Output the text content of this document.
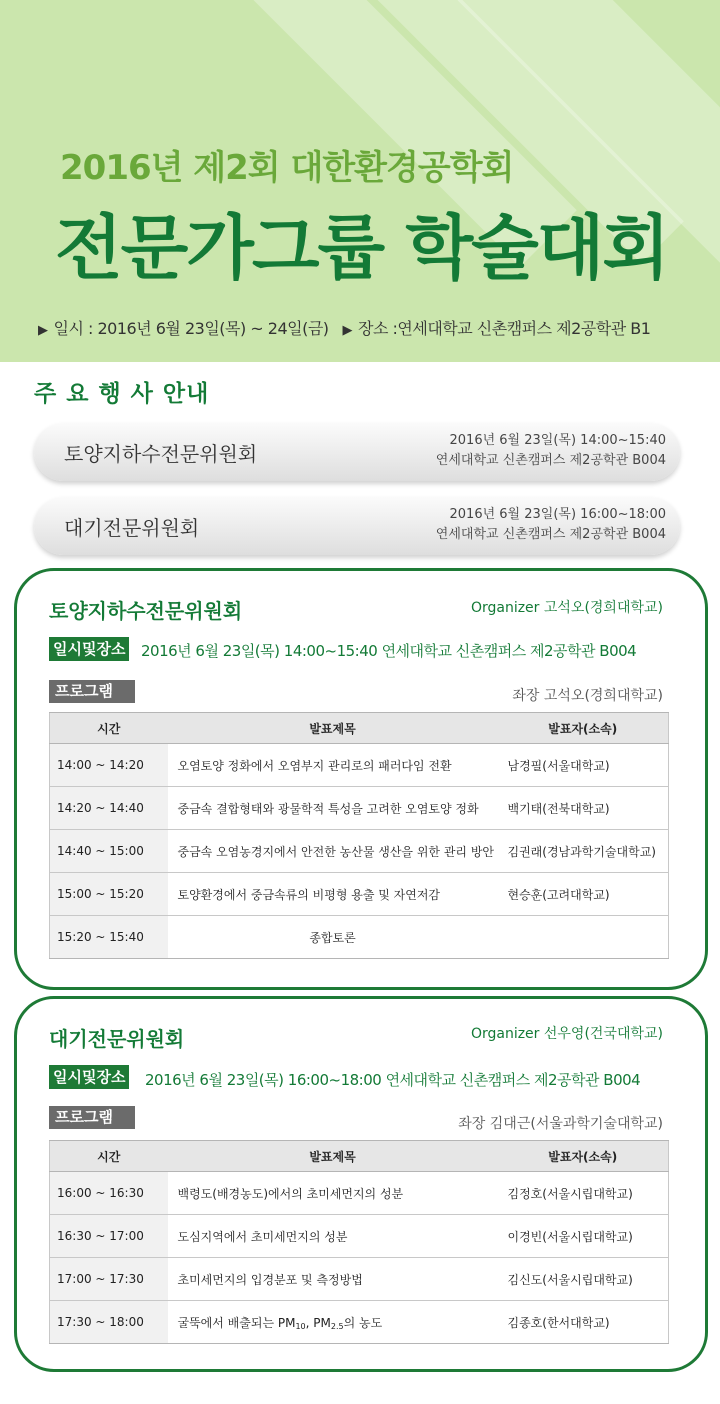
2016년 제2회 대한환경공학회
전문가그룹 학술대회
▶ 일시 : 2016년 6월 23일(목) ~ 24일(금) ▶ 장소 :연세대학교 신촌캠퍼스 제2공학관 B1
주 요 행 사 안내
토양지하수전문위원회
2016년 6월 23일(목) 14:00~15:40
연세대학교 신촌캠퍼스 제2공학관 B004
대기전문위원회
2016년 6월 23일(목) 16:00~18:00
연세대학교 신촌캠퍼스 제2공학관 B004
토양지하수전문위원회	Organizer 고석오(경희대학교)
일시및장소 2016년 6월 23일(목) 14:00~15:40 연세대학교 신촌캠퍼스 제2공학관 B004
프로그램	좌장 고석오(경희대학교)
시간	발표제목	발표자(소속)
14:00 ~ 14:20	오염토양 정화에서 오염부지 관리로의 패러다임 전환	남경필(서울대학교)
14:20 ~ 14:40	중금속 결합형태와 광물학적 특성을 고려한 오염토양 정화	백기태(전북대학교)
14:40 ~ 15:00	중금속 오염농경지에서 안전한 농산물 생산을 위한 관리 방안	김권래(경남과학기술대학교)
15:00 ~ 15:20	토양환경에서 중금속류의 비평형 용출 및 자연저감	현승훈(고려대학교)
15:20 ~ 15:40	종합토론	
대기전문위원회	Organizer 선우영(건국대학교)
일시및장소 2016년 6월 23일(목) 16:00~18:00 연세대학교 신촌캠퍼스 제2공학관 B004
프로그램	좌장 김대근(서울과학기술대학교)
시간	발표제목	발표자(소속)
16:00 ~ 16:30	백령도(배경농도)에서의 초미세먼지의 성분	김정호(서울시립대학교)
16:30 ~ 17:00	도심지역에서 초미세먼지의 성분	이경빈(서울시립대학교)
17:00 ~ 17:30	초미세먼지의 입경분포 및 측정방법	김신도(서울시립대학교)
17:30 ~ 18:00	굴뚝에서 배출되는 $PM_{10}$, $PM_{2.5}$의 농도	김종호(한서대학교)
